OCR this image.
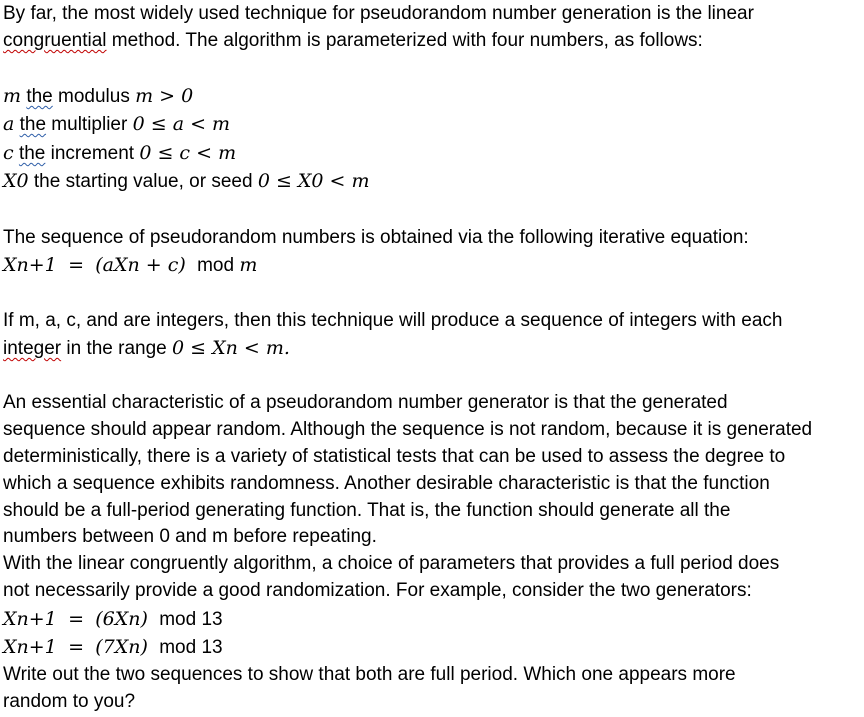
By far, the most widely used technique for pseudorandom number generation is the linear
congruential method. The algorithm is parameterized with four numbers, as follows:
m the modulus m > 0
a the multiplier 0 ≤ a < m
c the increment 0 ≤ c < m
X0 the starting value, or seed 0 ≤ X0 < m
The sequence of pseudorandom numbers is obtained via the following iterative equation:
Xn+1 = (aXn + c) mod m
If m, a, c, and are integers, then this technique will produce a sequence of integers with each
integer in the range 0 ≤ Xn < m.
An essential characteristic of a pseudorandom number generator is that the generated
sequence should appear random. Although the sequence is not random, because it is generated
deterministically, there is a variety of statistical tests that can be used to assess the degree to
which a sequence exhibits randomness. Another desirable characteristic is that the function
should be a full-period generating function. That is, the function should generate all the
numbers between 0 and m before repeating.
With the linear congruently algorithm, a choice of parameters that provides a full period does
not necessarily provide a good randomization. For example, consider the two generators:
Xn+1 = (6Xn) mod 13
Xn+1 = (7Xn) mod 13
Write out the two sequences to show that both are full period. Which one appears more
random to you?
